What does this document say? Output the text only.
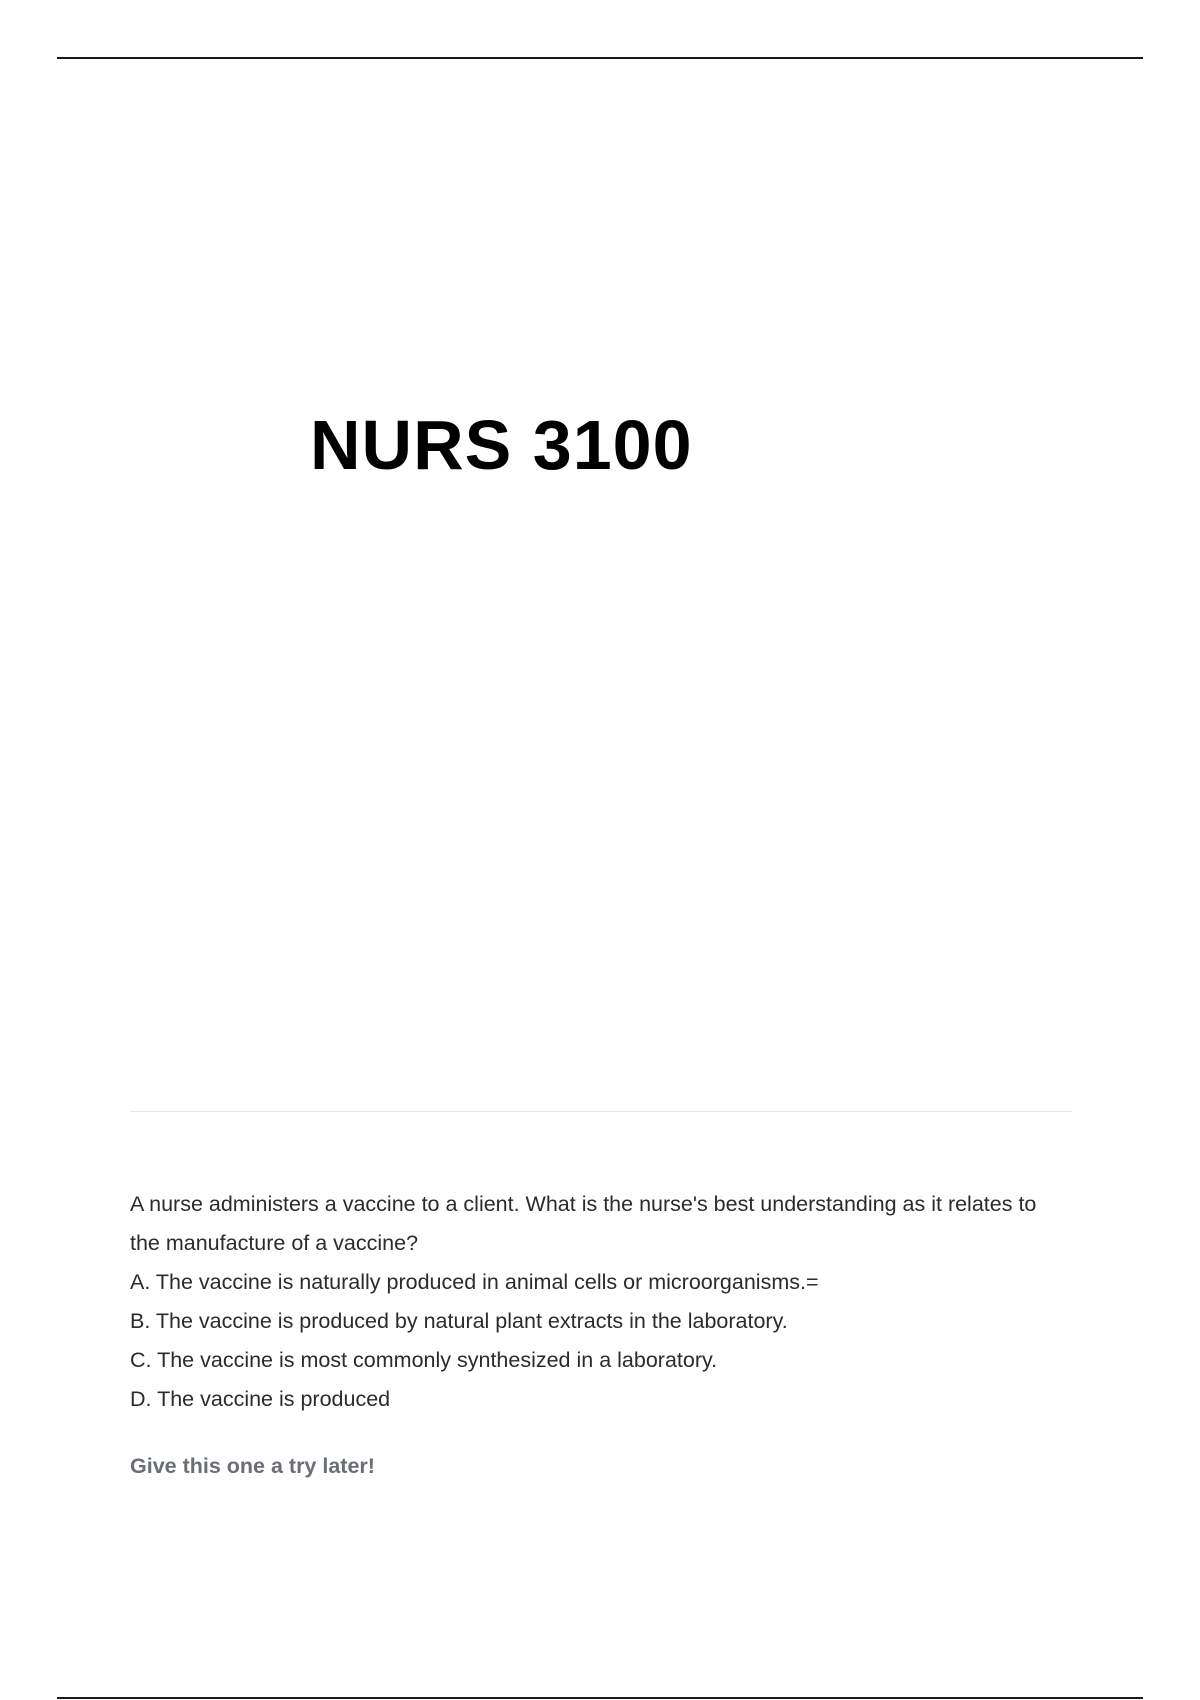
NURS 3100

A nurse administers a vaccine to a client. What is the nurse's best understanding as it relates to the manufacture of a vaccine?

A. The vaccine is naturally produced in animal cells or microorganisms.=
B. The vaccine is produced by natural plant extracts in the laboratory.
C. The vaccine is most commonly synthesized in a laboratory.
D. The vaccine is produced
Give this one a try later!
